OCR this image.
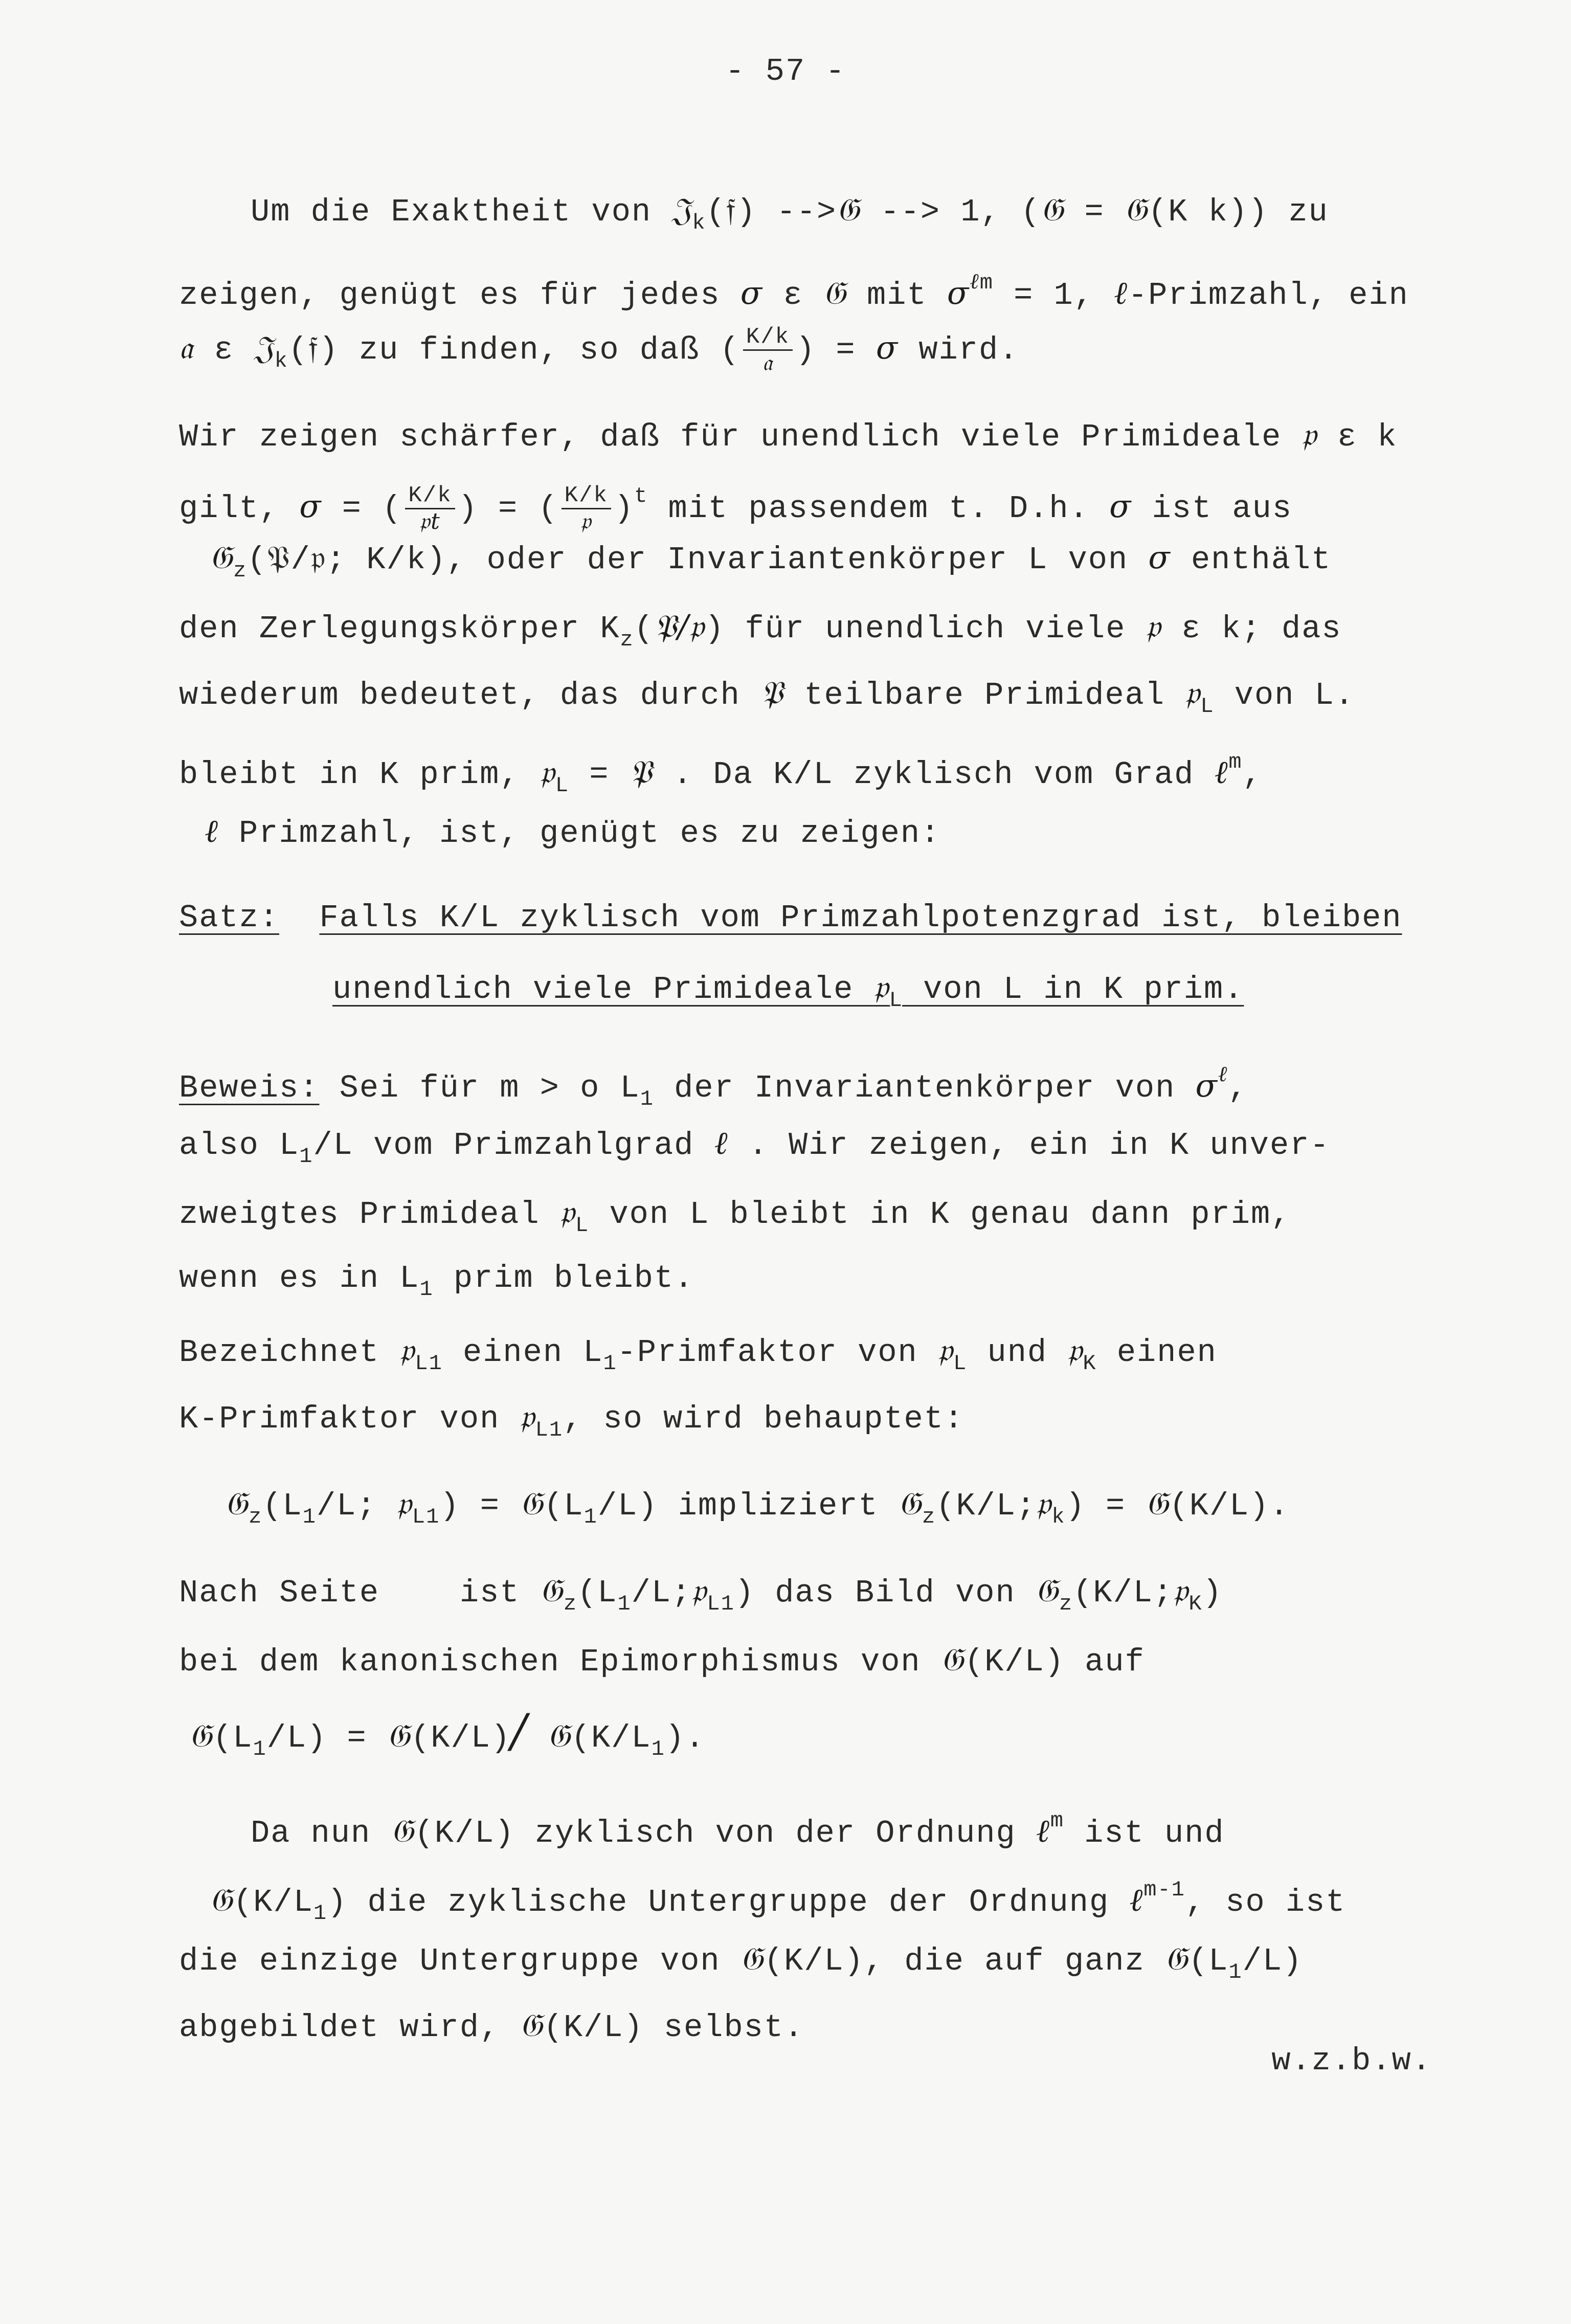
- 57 -
Um die Exaktheit von 𝔍$_k$(𝔣) -->𝔊 --> 1, (𝔊 = 𝔊(K k)) zu
zeigen, genügt es für jedes σ ε 𝔊 mit $\sigma^{\ell m} = 1$, ℓ-Primzahl, ein
𝔞 ε 𝔍$_k$(𝔣) zu finden, so daß ( $\frac{K/k}{\text{𝔞}}$ ) = σ wird.
Wir zeigen schärfer, daß für unendlich viele Primideale 𝔭 ε k
gilt, σ = ( $\frac{K/k}{\text{𝔭t}}$ ) = ( $\frac{K/k}{\text{𝔭}} )^t$ mit passendem t. D.h. σ ist aus
𝔊$_z$(𝔓/𝔭; K/k), oder der Invariantenkörper L von σ enthält
den Zerlegungskörper $K_z(𝔓/𝔭)$ für unendlich viele 𝔭 ε k; das
wiederum bedeutet, das durch 𝔓 teilbare Primideal 𝔭$_L$ von L.
bleibt in K prim, 𝔭$_L$ = 𝔓 . Da K/L zyklisch vom Grad ℓ$^m$,
ℓ Primzahl, ist, genügt es zu zeigen:
Satz: Falls K/L zyklisch vom Primzahlpotenzgrad ist, bleiben
unendlich viele Primideale 𝔭$_L$ von L in K prim.
Beweis: Sei für m > o $L_1$ der Invariantenkörper von $\sigma^\ell$,
also $L_1/L$ vom Primzahlgrad ℓ . Wir zeigen, ein in K unver-
zweigtes Primideal 𝔭$_L$ von L bleibt in K genau dann prim,
wenn es in $L_1$ prim bleibt.
Bezeichnet 𝔭$_{L1}$ einen $L_1$-Primfaktor von 𝔭$_L$ und 𝔭$_K$ einen
K-Primfaktor von 𝔭$_{L1}$, so wird behauptet:
$𝔊_z(L_1/L$; 𝔭$_{L1}$) = $𝔊(L_1/L)$ impliziert 𝔊$_z$(K/L;𝔭$_k$) = 𝔊(K/L).
Nach Seite    ist $𝔊_z(L_1/L;𝔭_{L1})$ das Bild von 𝔊$_z$(K/L;𝔭$_K$)
bei dem kanonischen Epimorphismus von 𝔊(K/L) auf
$𝔊(L_1/L)$ = 𝔊(K/L)/ $𝔊(K/L_1)$.
Da nun 𝔊(K/L) zyklisch von der Ordnung ℓ$^m$ ist und
$𝔊(K/L_1)$ die zyklische Untergruppe der Ordnung ℓ$^{m-1}$, so ist
die einzige Untergruppe von 𝔊(K/L), die auf ganz $𝔊(L_1/L)$
abgebildet wird, 𝔊(K/L) selbst.
w.z.b.w.
